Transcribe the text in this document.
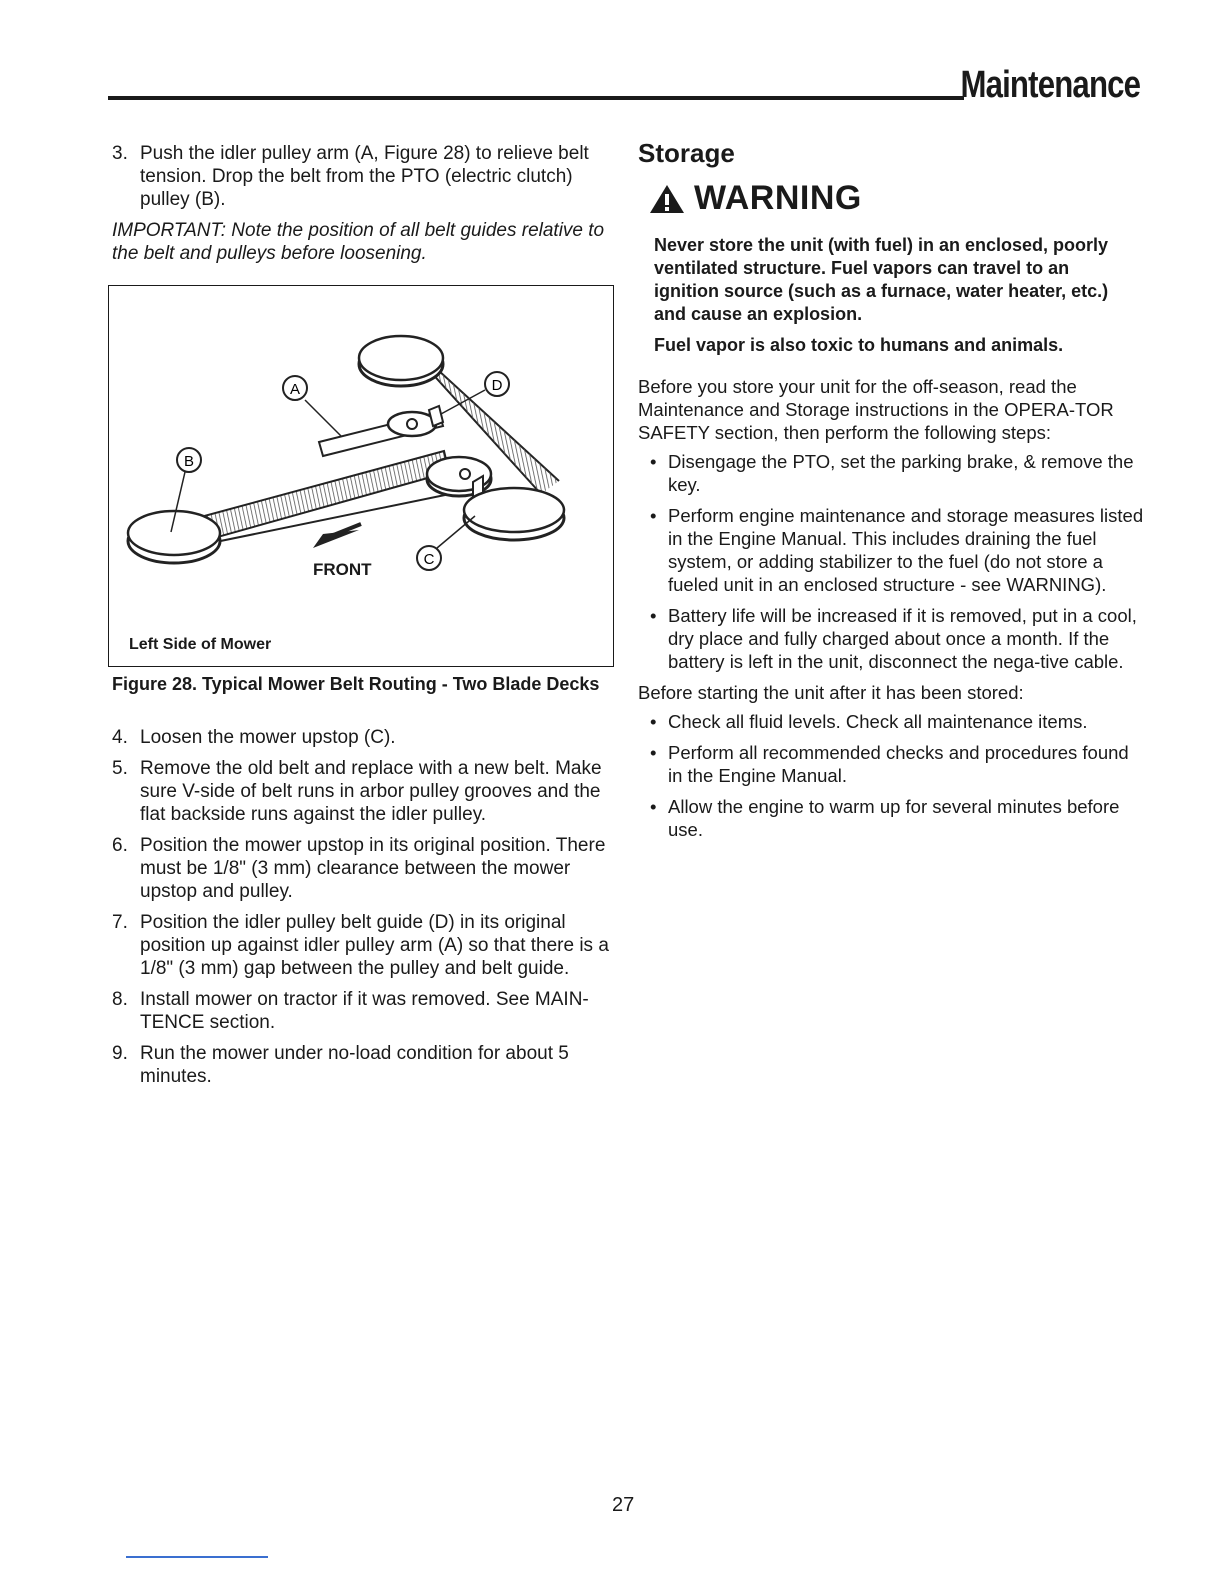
Maintenance
3. Push the idler pulley arm (A, Figure 28) to relieve belt tension. Drop the belt from the PTO (electric clutch) pulley (B).

IMPORTANT: Note the position of all belt guides relative to the belt and pulleys before loosening.

A
B
C
D
FRONT
Left Side of Mower
Figure 28. Typical Mower Belt Routing - Two Blade Decks
4. Loosen the mower upstop (C).
5. Remove the old belt and replace with a new belt. Make sure V-side of belt runs in arbor pulley grooves and the flat backside runs against the idler pulley.
6. Position the mower upstop in its original position. There must be 1/8" (3 mm) clearance between the mower upstop and pulley.
7. Position the idler pulley belt guide (D) in its original position up against idler pulley arm (A) so that there is a 1/8" (3 mm) gap between the pulley and belt guide.
8. Install mower on tractor if it was removed. See MAIN-TENCE section.
9. Run the mower under no-load condition for about 5 minutes.
Storage
WARNING

Never store the unit (with fuel) in an enclosed, poorly ventilated structure. Fuel vapors can travel to an ignition source (such as a furnace, water heater, etc.) and cause an explosion.

Fuel vapor is also toxic to humans and animals.

Before you store your unit for the off-season, read the Maintenance and Storage instructions in the OPERA-TOR SAFETY section, then perform the following steps:

• Disengage the PTO, set the parking brake, & remove the key.
• Perform engine maintenance and storage measures listed in the Engine Manual. This includes draining the fuel system, or adding stabilizer to the fuel (do not store a fueled unit in an enclosed structure - see WARNING).
• Battery life will be increased if it is removed, put in a cool, dry place and fully charged about once a month. If the battery is left in the unit, disconnect the nega-tive cable.

Before starting the unit after it has been stored:

• Check all fluid levels. Check all maintenance items.
• Perform all recommended checks and procedures found in the Engine Manual.
• Allow the engine to warm up for several minutes before use.
27
